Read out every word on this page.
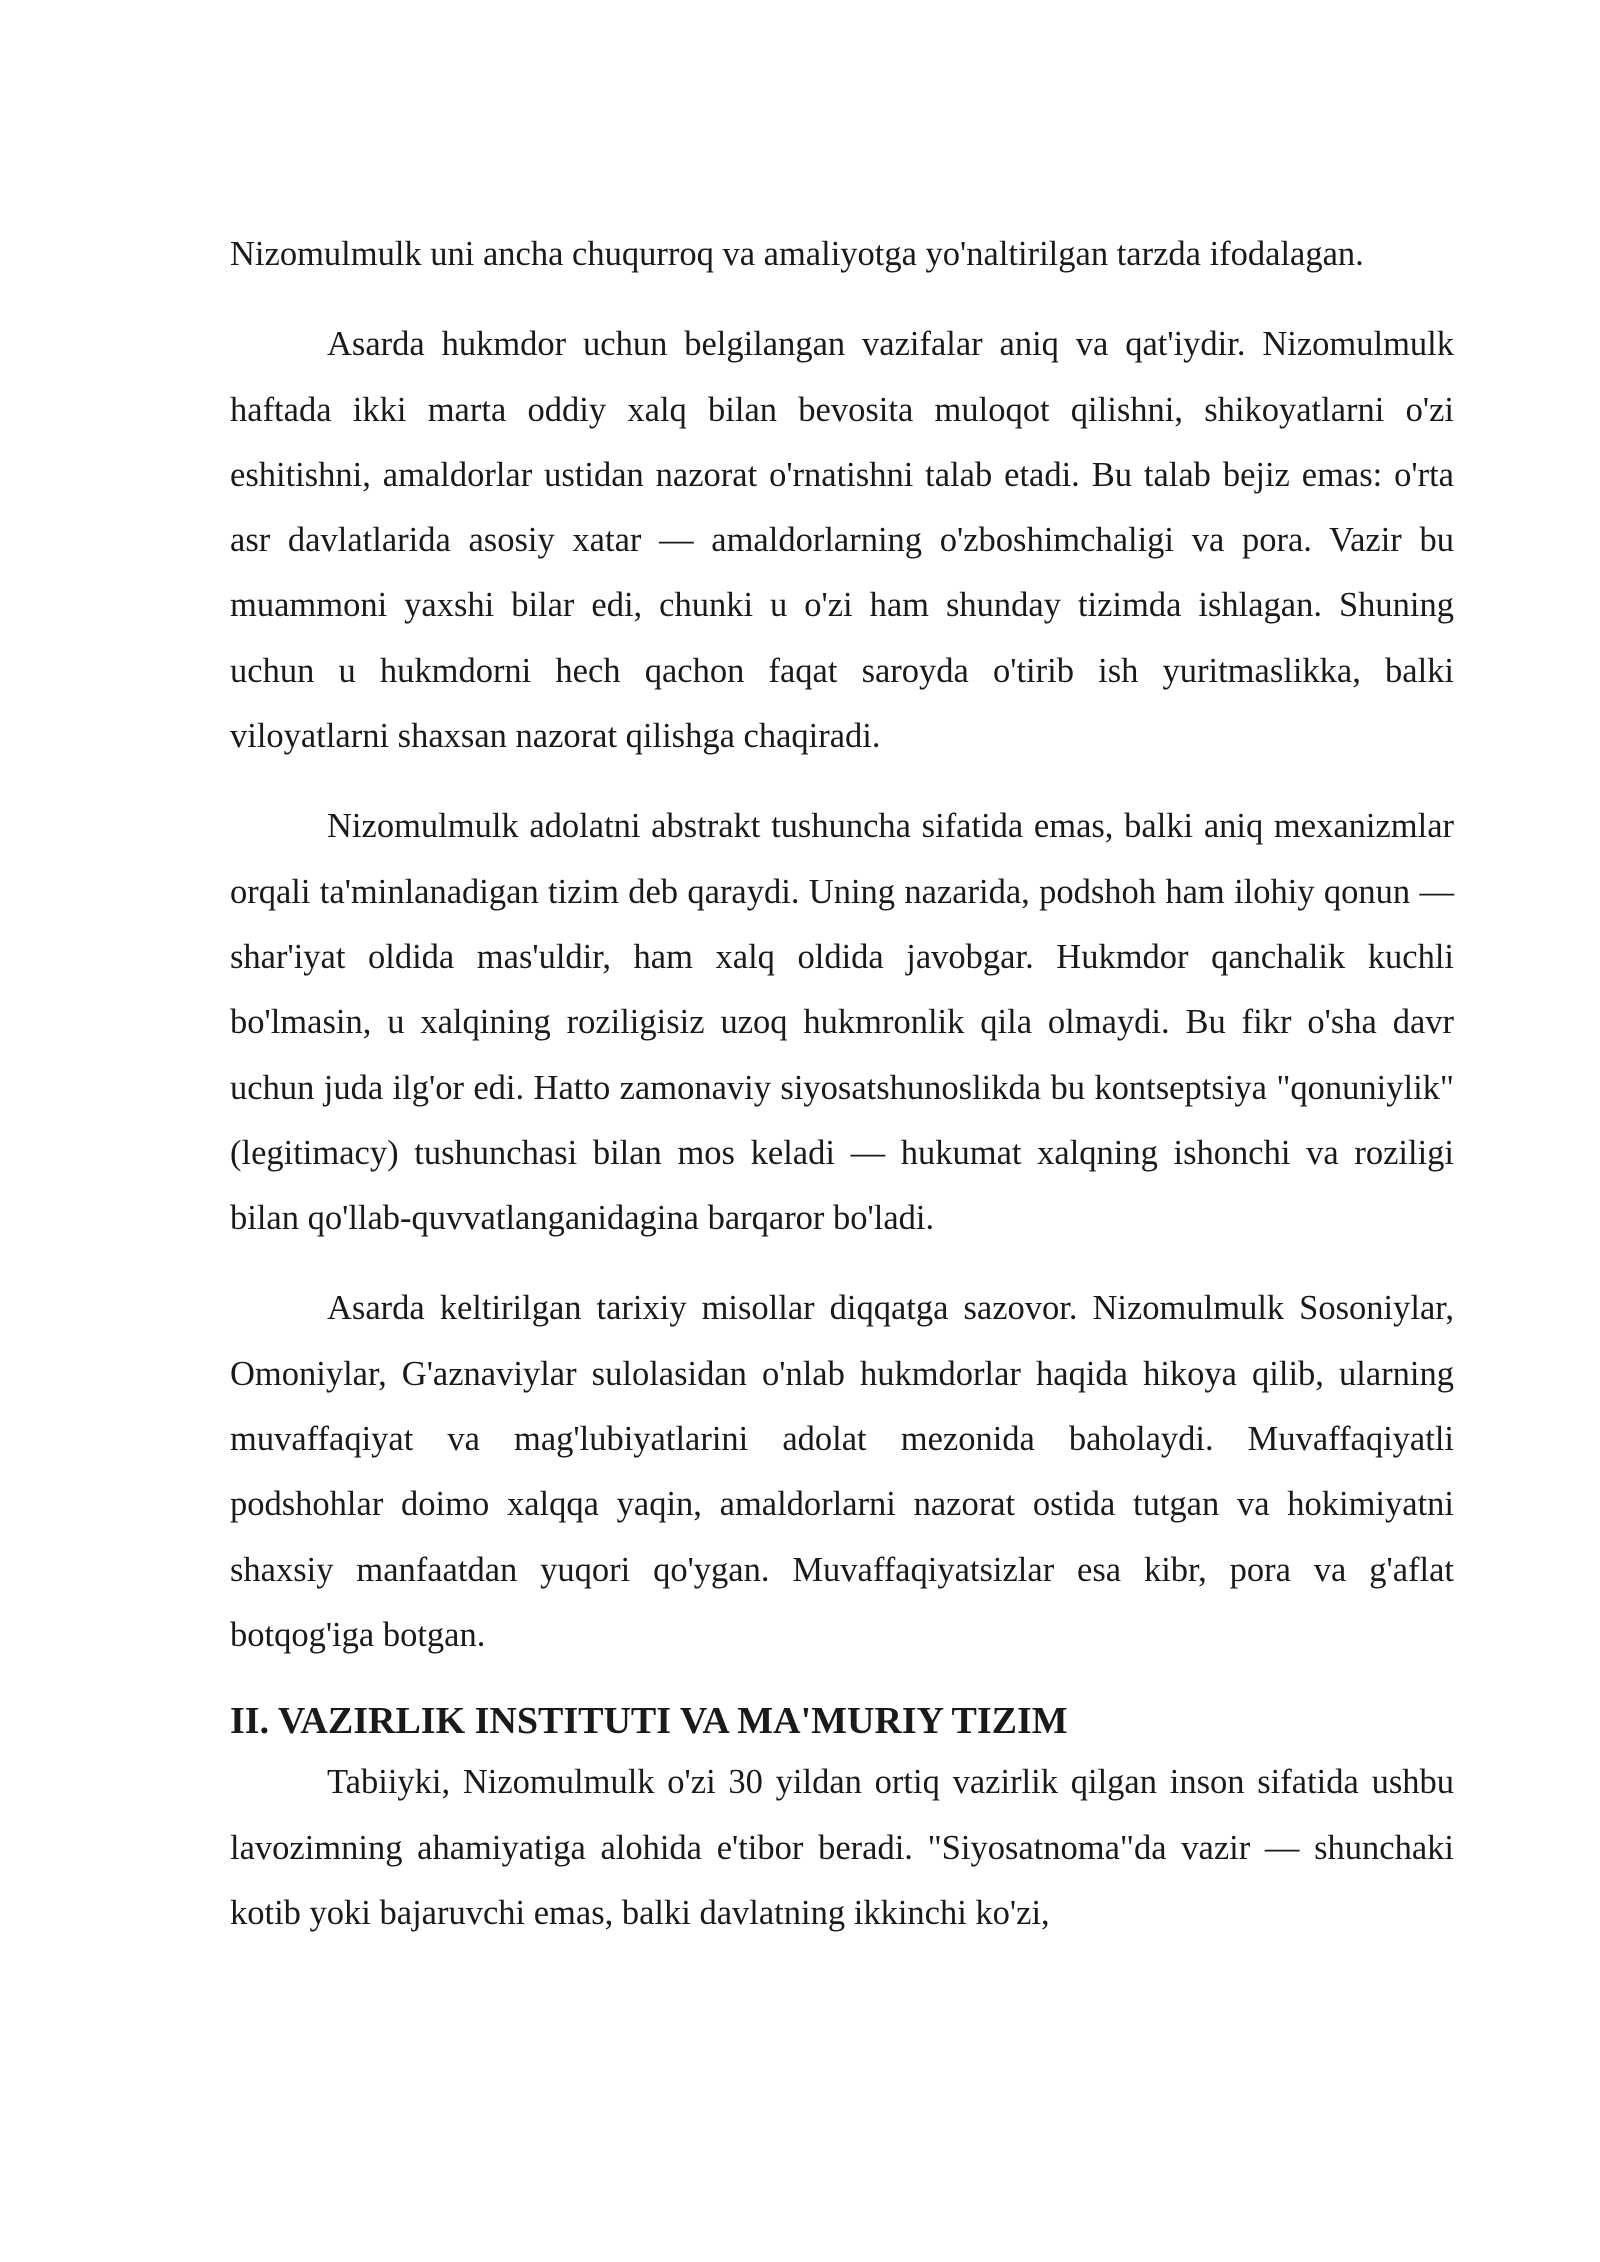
Nizomulmulk uni ancha chuqurroq va amaliyotga yo'naltirilgan tarzda ifodalagan.

Asarda hukmdor uchun belgilangan vazifalar aniq va qat'iydir. Nizomulmulk haftada ikki marta oddiy xalq bilan bevosita muloqot qilishni, shikoyatlarni o'zi eshitishni, amaldorlar ustidan nazorat o'rnatishni talab etadi. Bu talab bejiz emas: o'rta asr davlatlarida asosiy xatar — amaldorlarning o'zboshimchaligi va pora. Vazir bu muammoni yaxshi bilar edi, chunki u o'zi ham shunday tizimda ishlagan. Shuning uchun u hukmdorni hech qachon faqat saroyda o'tirib ish yuritmaslikka, balki viloyatlarni shaxsan nazorat qilishga chaqiradi.

Nizomulmulk adolatni abstrakt tushuncha sifatida emas, balki aniq mexanizmlar orqali ta'minlanadigan tizim deb qaraydi. Uning nazarida, podshoh ham ilohiy qonun — shar'iyat oldida mas'uldir, ham xalq oldida javobgar. Hukmdor qanchalik kuchli bo'lmasin, u xalqining roziligisiz uzoq hukmronlik qila olmaydi. Bu fikr o'sha davr uchun juda ilg'or edi. Hatto zamonaviy siyosatshunoslikda bu kontseptsiya "qonuniylik" (legitimacy) tushunchasi bilan mos keladi — hukumat xalqning ishonchi va roziligi bilan qo'llab-quvvatlanganidagina barqaror bo'ladi.

Asarda keltirilgan tarixiy misollar diqqatga sazovor. Nizomulmulk Sosoniylar, Omoniylar, G'aznaviylar sulolasidan o'nlab hukmdorlar haqida hikoya qilib, ularning muvaffaqiyat va mag'lubiyatlarini adolat mezonida baholaydi. Muvaffaqiyatli podshohlar doimo xalqqa yaqin, amaldorlarni nazorat ostida tutgan va hokimiyatni shaxsiy manfaatdan yuqori qo'ygan. Muvaffaqiyatsizlar esa kibr, pora va g'aflat botqog'iga botgan.

II. VAZIRLIK INSTITUTI VA MA'MURIY TIZIM

Tabiiyki, Nizomulmulk o'zi 30 yildan ortiq vazirlik qilgan inson sifatida ushbu lavozimning ahamiyatiga alohida e'tibor beradi. "Siyosatnoma"da vazir — shunchaki kotib yoki bajaruvchi emas, balki davlatning ikkinchi ko'zi,
